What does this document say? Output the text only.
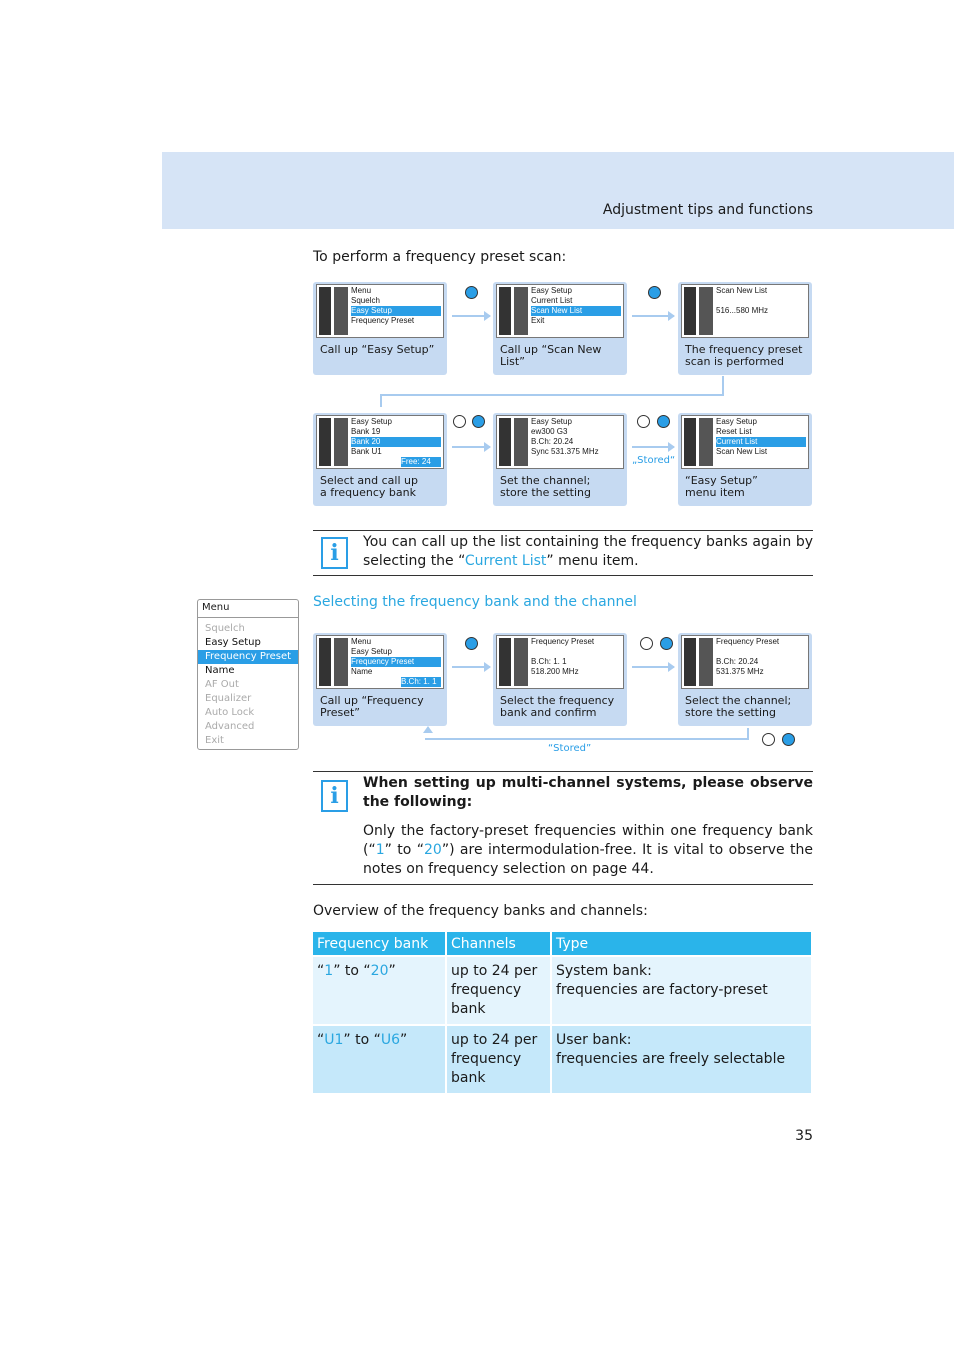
Adjustment tips and functions
To perform a frequency preset scan:
Menu
Squelch
Easy Setup
Frequency Preset
Call up “Easy Setup”
Easy Setup
Current List
Scan New List
Exit
Call up “Scan New List”
Scan New List
516...580 MHz
The frequency preset
scan is performed
Easy Setup
Bank 19
Bank 20
Bank U1
Free: 24
Select and call up
a frequency bank
Easy Setup
ew300 G3
B.Ch: 20.24
Sync 531.375 MHz
Set the channel;
store the setting
Easy Setup
Reset List
Current List
Scan New List
“Easy Setup”
menu item
„Stored“
i	You can call up the list containing the frequency banks again by selecting the “Current List” menu item.
Menu
Squelch
Easy Setup
Frequency Preset
Name
AF Out
Equalizer
Auto Lock
Advanced
Exit
Selecting the frequency bank and the channel
Menu
Easy Setup
Frequency Preset
Name
B.Ch: 1. 1
Call up “Frequency
Preset”
Frequency Preset
B.Ch: 1. 1
518.200 MHz
Select the frequency
bank and confirm
Frequency Preset
B.Ch: 20.24
531.375 MHz
Select the channel;
store the setting
“Stored”
i	When setting up multi-channel systems, please observe the following:
Only the factory-preset frequencies within one frequency bank (“1” to “20”) are intermodulation-free. It is vital to observe the notes on frequency selection on page 44.
Overview of the frequency banks and channels:
Frequency bank	Channels	Type
“1” to “20”	up to 24 per frequency bank	System bank:
frequencies are factory-preset
“U1” to “U6”	up to 24 per frequency bank	User bank:
frequencies are freely selectable
35
